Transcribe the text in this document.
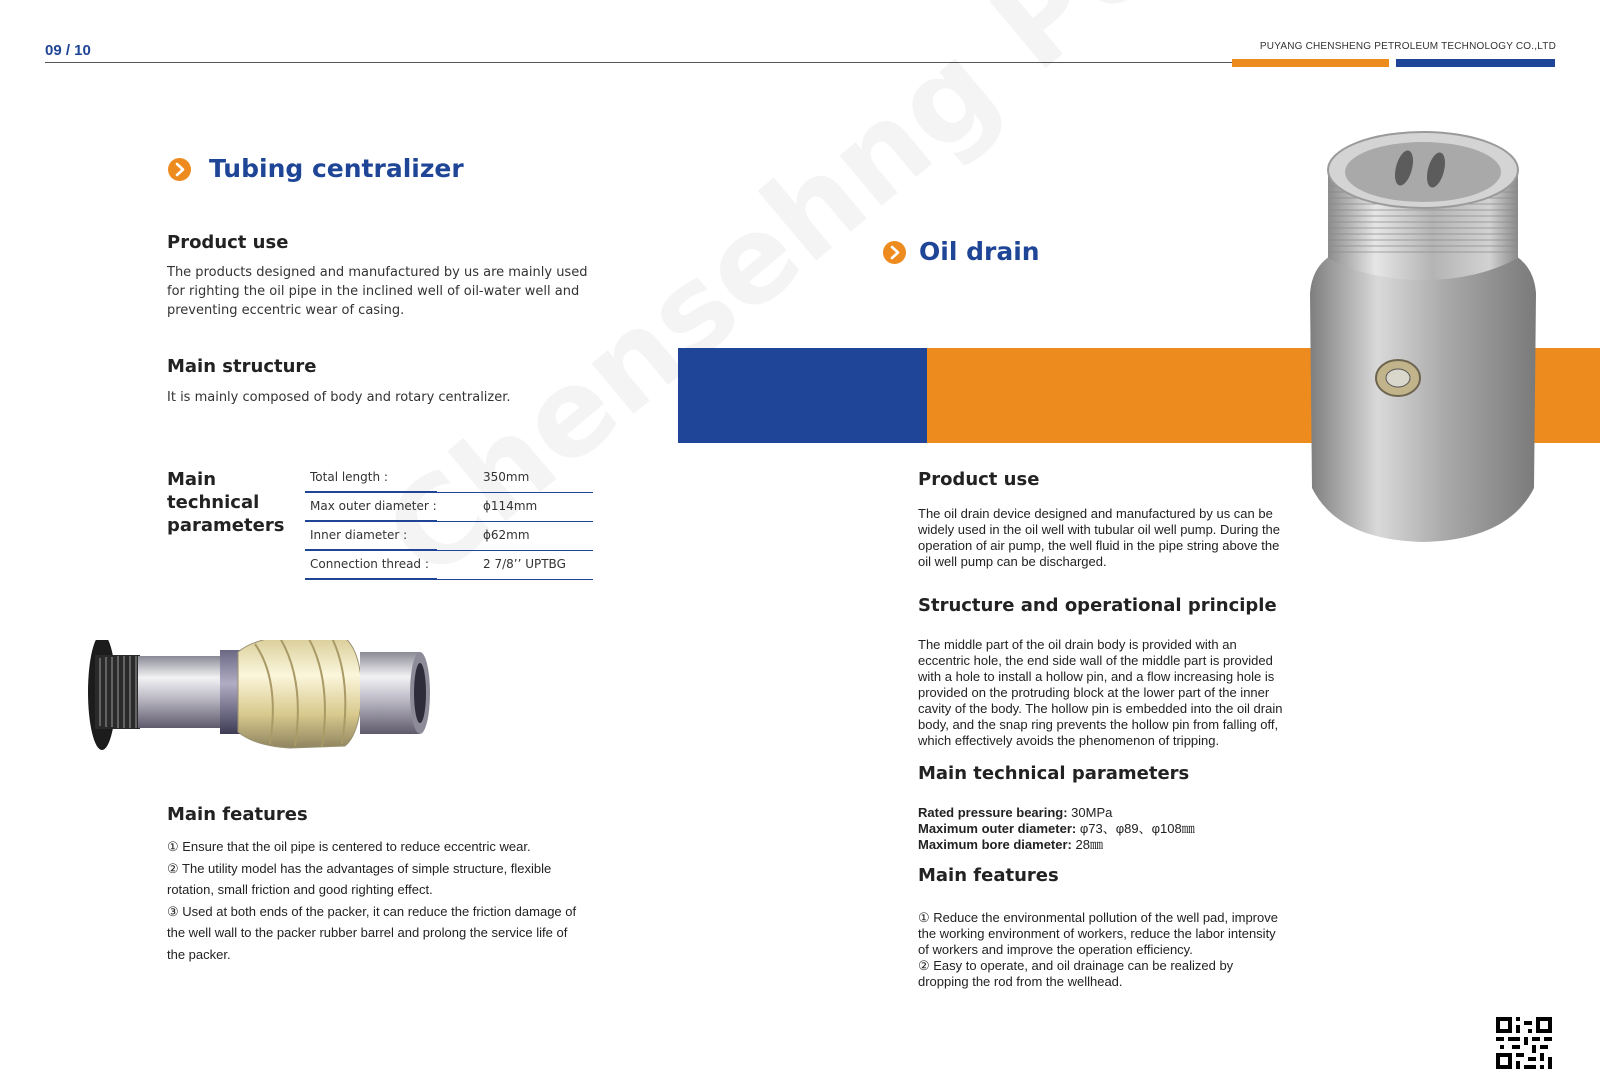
09 / 10	PUYANG CHENSHENG PETROLEUM TECHNOLOGY CO.,LTD
Tubing centralizer
Product use
The products designed and manufactured by us are mainly used
for righting the oil pipe in the inclined well of oil-water well and
preventing eccentric wear of casing.
Main structure
It is mainly composed of body and rotary centralizer.
Main
technical
parameters
Total length :	350mm
Max outer diameter :	ϕ114mm
Inner diameter :	ϕ62mm
Connection thread :	2 7/8’’ UPTBG
Main features
① Ensure that the oil pipe is centered to reduce eccentric wear.
② The utility model has the advantages of simple structure, flexible
rotation, small friction and good righting effect.
③ Used at both ends of the packer, it can reduce the friction damage of
the well wall to the packer rubber barrel and prolong the service life of
the packer.
Oil drain
Product use
The oil drain device designed and manufactured by us can be
widely used in the oil well with tubular oil well pump. During the
operation of air pump, the well fluid in the pipe string above the
oil well pump can be discharged.
Structure and operational principle
The middle part of the oil drain body is provided with an
eccentric hole, the end side wall of the middle part is provided
with a hole to install a hollow pin, and a flow increasing hole is
provided on the protruding block at the lower part of the inner
cavity of the body. The hollow pin is embedded into the oil drain
body, and the snap ring prevents the hollow pin from falling off,
which effectively avoids the phenomenon of tripping.
Main technical parameters
Rated pressure bearing: 30MPa
Maximum outer diameter: φ73、φ89、φ108㎜
Maximum bore diameter: 28㎜
Main features
① Reduce the environmental pollution of the well pad, improve
the working environment of workers, reduce the labor intensity
of workers and improve the operation efficiency.
② Easy to operate, and oil drainage can be realized by
dropping the rod from the wellhead.
